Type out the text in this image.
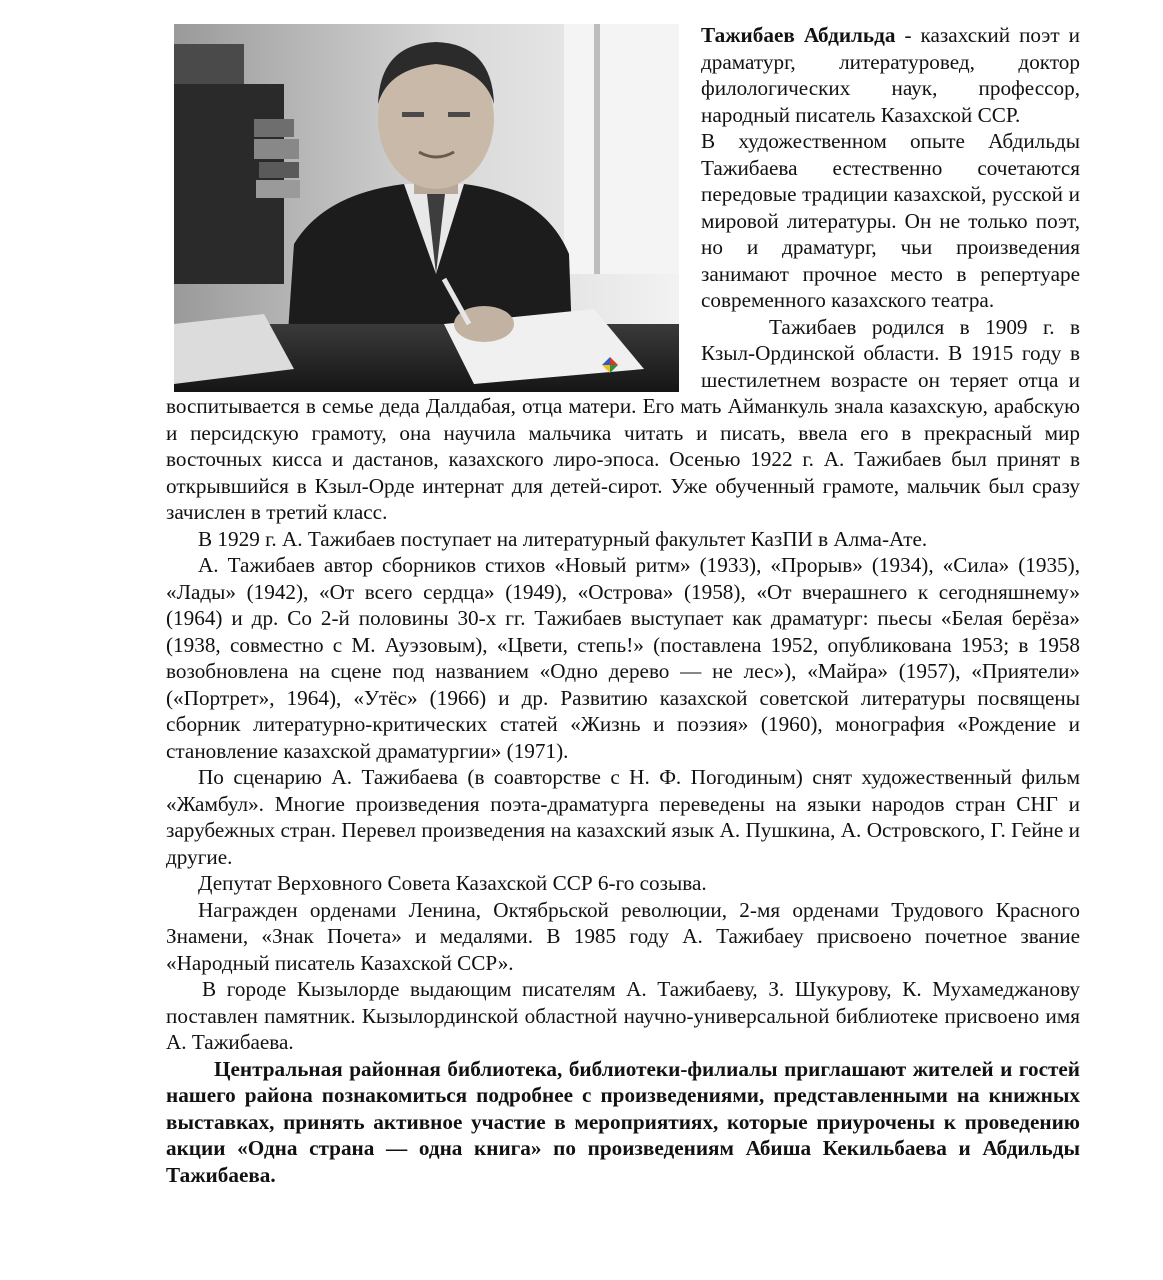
Тажибаев Абдильда - казахский поэт и драматург, литературовед, доктор филологических наук, профессор, народный писатель Казахской ССР.

В художественном опыте Абдильды Тажибаева естественно сочетаются передовые традиции казахской, русской и мировой литературы. Он не только поэт, но и драматург, чьи произведения занимают прочное место в репертуаре современного казахского театра.

Тажибаев родился в 1909 г. в Кзыл-Ординской области. В 1915 году в шестилетнем возрасте он теряет отца и воспитывается в семье деда Далдабая, отца матери. Его мать Айманкуль знала казахскую, арабскую и персидскую грамоту, она научила мальчика читать и писать, ввела его в прекрасный мир восточных кисса и дастанов, казахского лиро-эпоса. Осенью 1922 г. А. Тажибаев был принят в открывшийся в Кзыл-Орде интернат для детей-сирот. Уже обученный грамоте, мальчик был сразу зачислен в третий класс.

В 1929 г. А. Тажибаев поступает на литературный факультет КазПИ в Алма-Ате.

А. Тажибаев автор сборников стихов «Новый ритм» (1933), «Прорыв» (1934), «Сила» (1935), «Лады» (1942), «От всего сердца» (1949), «Острова» (1958), «От вчерашнего к сегодняшнему» (1964) и др. Со 2-й половины 30-х гг. Тажибаев выступает как драматург: пьесы «Белая берёза» (1938, совместно с М. Ауэзовым), «Цвети, степь!» (поставлена 1952, опубликована 1953; в 1958 возобновлена на сцене под названием «Одно дерево — не лес»), «Майра» (1957), «Приятели» («Портрет», 1964), «Утёс» (1966) и др. Развитию казахской советской литературы посвящены сборник литературно-критических статей «Жизнь и поэзия» (1960), монография «Рождение и становление казахской драматургии» (1971).

По сценарию А. Тажибаева (в соавторстве с Н. Ф. Погодиным) снят художественный фильм «Жамбул». Многие произведения поэта-драматурга переведены на языки народов стран СНГ и зарубежных стран. Перевел произведения на казахский язык А. Пушкина, А. Островского, Г. Гейне и другие.

Депутат Верховного Совета Казахской ССР 6-го созыва.

Награжден орденами Ленина, Октябрьской революции, 2-мя орденами Трудового Красного Знамени, «Знак Почета» и медалями. В 1985 году А. Тажибаеу присвоено почетное звание «Народный писатель Казахской ССР».

В городе Кызылорде выдающим писателям А. Тажибаеву, З. Шукурову, К. Мухамеджанову поставлен памятник. Кызылординской областной научно-универсальной библиотеке присвоено имя А. Тажибаева.

Центральная районная библиотека, библиотеки-филиалы приглашают жителей и гостей нашего района познакомиться подробнее с произведениями, представленными на книжных выставках, принять активное участие в мероприятиях, которые приурочены к проведению акции «Одна страна — одна книга» по произведениям Абиша Кекильбаева и Абдильды Тажибаева.
